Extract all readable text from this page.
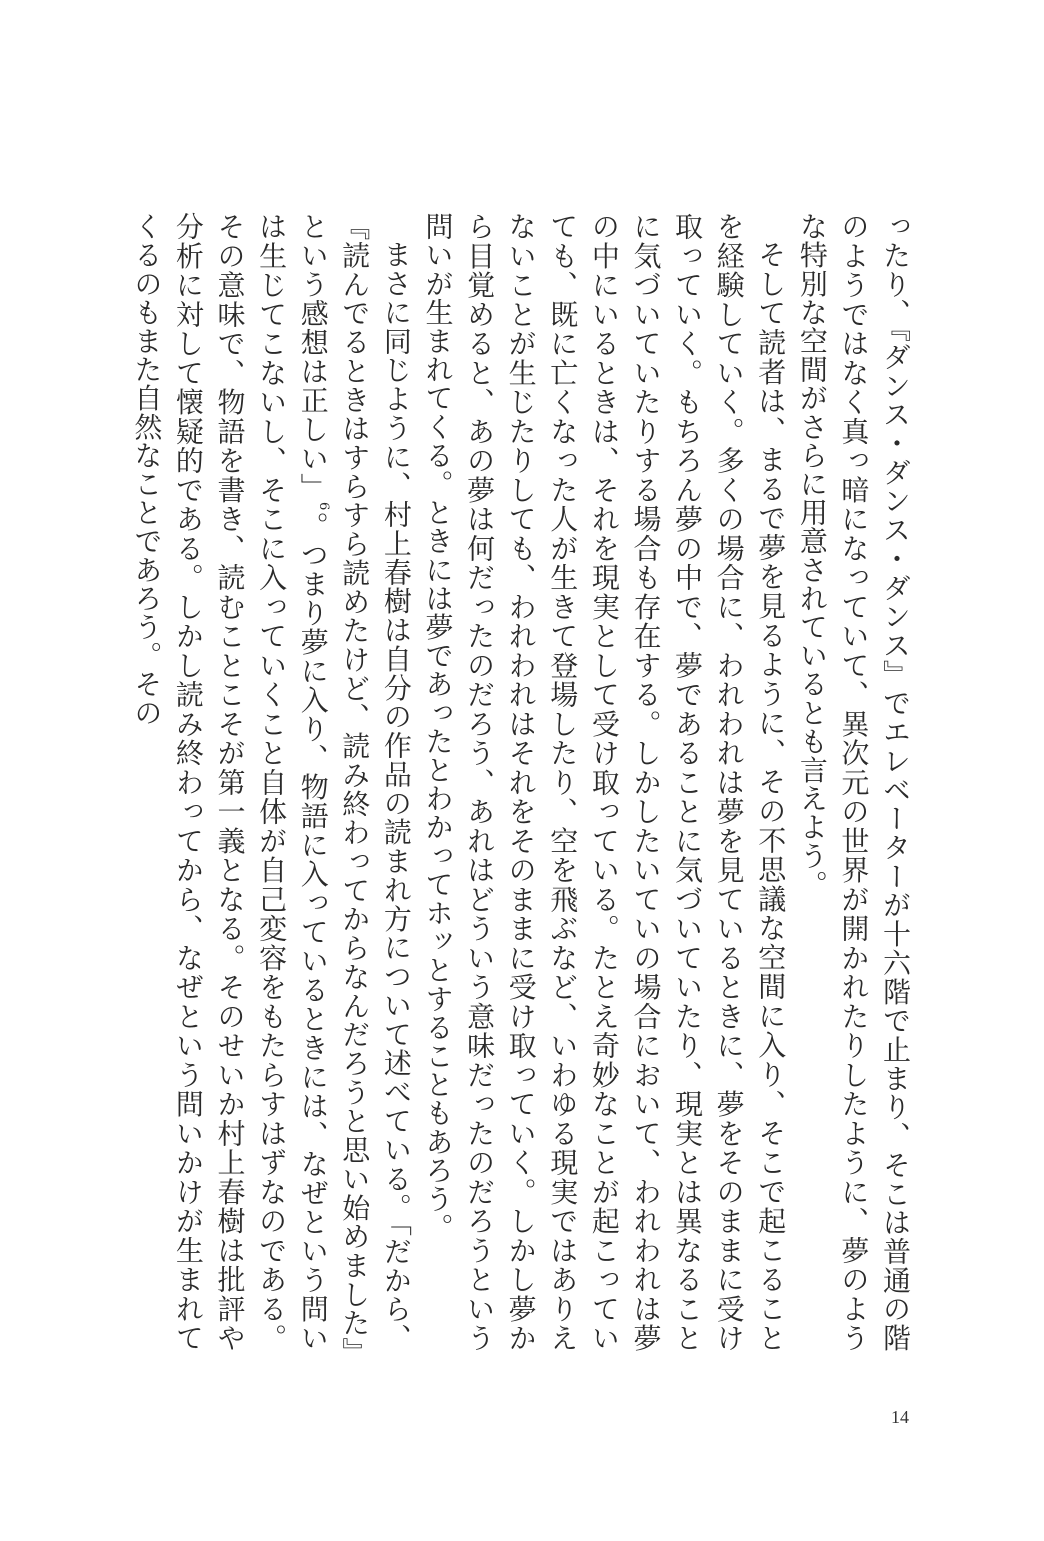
ったり、『ダンス・ダンス・ダンス』でエレベーターが十六階で止まり、そこは普通の階のようではなく真っ暗になっていて、異次元の世界が開かれたりしたように、夢のような特別な空間がさらに用意されているとも言えよう。

そして読者は、まるで夢を見るように、その不思議な空間に入り、そこで起こることを経験していく。多くの場合に、われわれは夢を見ているときに、夢をそのままに受け取っていく。もちろん夢の中で、夢であることに気づいていたり、現実とは異なることに気づいていたりする場合も存在する。しかしたいていの場合において、われわれは夢の中にいるときは、それを現実として受け取っている。たとえ奇妙なことが起こっていても、既に亡くなった人が生きて登場したり、空を飛ぶなど、いわゆる現実ではありえないことが生じたりしても、われわれはそれをそのままに受け取っていく。しかし夢から目覚めると、あの夢は何だったのだろう、あれはどういう意味だったのだろうという問いが生まれてくる。ときには夢であったとわかってホッとすることもあろう。

まさに同じように、村上春樹は自分の作品の読まれ方について述べている。「だから、『読んでるときはすらすら読めたけど、読み終わってからなんだろうと思い始めました』という感想は正しい」$^6$。つまり夢に入り、物語に入っているときには、なぜという問いは生じてこないし、そこに入っていくこと自体が自己変容をもたらすはずなのである。その意味で、物語を書き、読むことこそが第一義となる。そのせいか村上春樹は批評や分析に対して懐疑的である。しかし読み終わってから、なぜという問いかけが生まれてくるのもまた自然なことであろう。その

14
